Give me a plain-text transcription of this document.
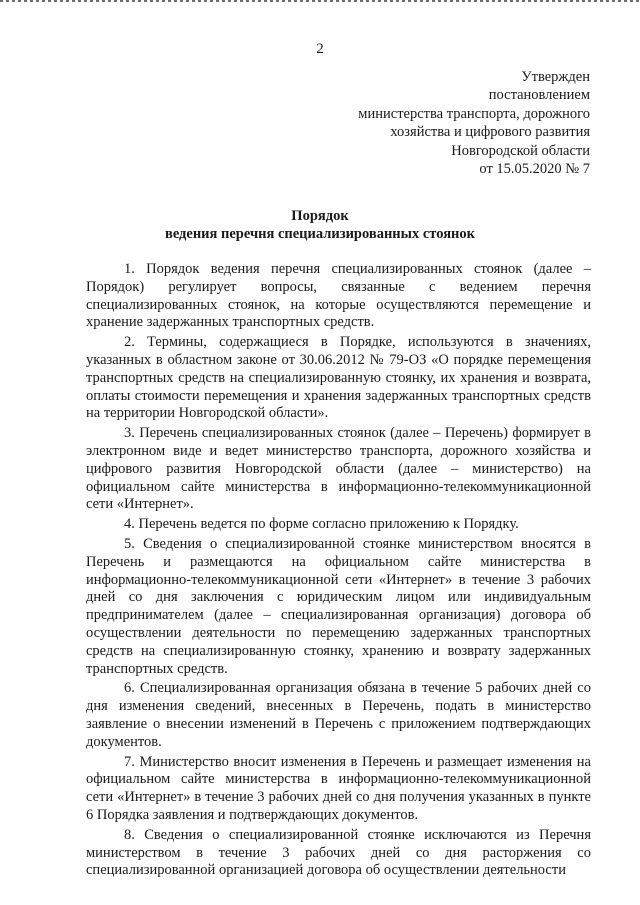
2
Утвержден
постановлением
министерства транспорта, дорожного
хозяйства и цифрового развития
Новгородской области
от 15.05.2020 № 7
Порядок
ведения перечня специализированных стоянок

1. Порядок ведения перечня специализированных стоянок (далее – Порядок) регулирует вопросы, связанные с ведением перечня специализированных стоянок, на которые осуществляются перемещение и хранение задержанных транспортных средств.

2. Термины, содержащиеся в Порядке, используются в значениях, указанных в областном законе от 30.06.2012 № 79-ОЗ «О порядке перемещения транспортных средств на специализированную стоянку, их хранения и возврата, оплаты стоимости перемещения и хранения задержанных транспортных средств на территории Новгородской области».

3. Перечень специализированных стоянок (далее – Перечень) формирует в электронном виде и ведет министерство транспорта, дорожного хозяйства и цифрового развития Новгородской области (далее – министерство) на официальном сайте министерства в информационно-телекоммуникационной сети «Интернет».

4. Перечень ведется по форме согласно приложению к Порядку.

5. Сведения о специализированной стоянке министерством вносятся в Перечень и размещаются на официальном сайте министерства в информационно-телекоммуникационной сети «Интернет» в течение 3 рабочих дней со дня заключения с юридическим лицом или индивидуальным предпринимателем (далее – специализированная организация) договора об осуществлении деятельности по перемещению задержанных транспортных средств на специализированную стоянку, хранению и возврату задержанных транспортных средств.

6. Специализированная организация обязана в течение 5 рабочих дней со дня изменения сведений, внесенных в Перечень, подать в министерство заявление о внесении изменений в Перечень с приложением подтверждающих документов.

7. Министерство вносит изменения в Перечень и размещает изменения на официальном сайте министерства в информационно-телекоммуникационной сети «Интернет» в течение 3 рабочих дней со дня получения указанных в пункте 6 Порядка заявления и подтверждающих документов.

8. Сведения о специализированной стоянке исключаются из Перечня министерством в течение 3 рабочих дней со дня расторжения со специализированной организацией договора об осуществлении деятельности
